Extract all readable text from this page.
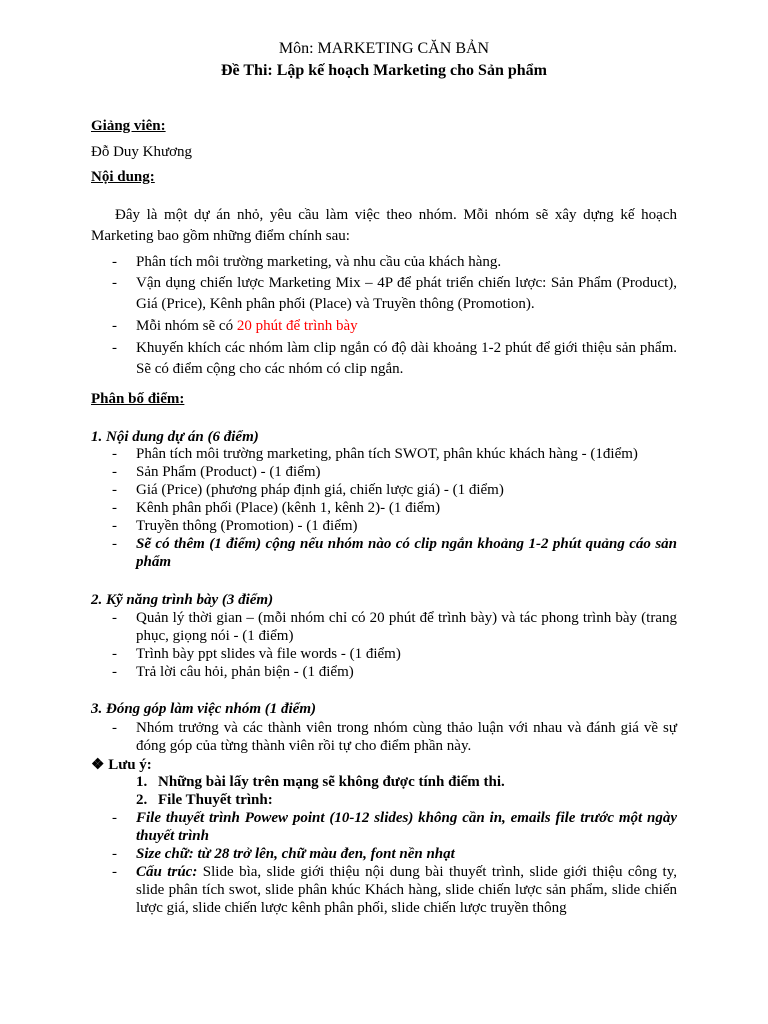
Môn: MARKETING CĂN BẢN
Đề Thi: Lập kế hoạch Marketing cho Sản phẩm
Giảng viên:
Đỗ Duy Khương
Nội dung:
Đây là một dự án nhỏ, yêu cầu làm việc theo nhóm. Mỗi nhóm sẽ xây dựng kế hoạch Marketing bao gồm những điểm chính sau:
-	Phân tích môi trường marketing, và nhu cầu của khách hàng.
-	Vận dụng chiến lược Marketing Mix – 4P để phát triển chiến lược: Sản Phẩm (Product), Giá (Price), Kênh phân phối (Place) và Truyền thông (Promotion).
-	Mỗi nhóm sẽ có 20 phút để trình bày
-	Khuyến khích các nhóm làm clip ngắn có độ dài khoảng 1-2 phút để giới thiệu sản phẩm. Sẽ có điểm cộng cho các nhóm có clip ngắn.
Phân bố điểm:
1. Nội dung dự án (6 điểm)
-	Phân tích môi trường marketing, phân tích SWOT, phân khúc khách hàng - (1điểm)
-	Sản Phẩm (Product) - (1 điểm)
-	Giá (Price) (phương pháp định giá, chiến lược giá) - (1 điểm)
-	Kênh phân phối (Place) (kênh 1, kênh 2)- (1 điểm)
-	Truyền thông (Promotion) - (1 điểm)
-	Sẽ có thêm (1 điểm) cộng nếu nhóm nào có clip ngắn khoảng 1-2 phút quảng cáo sản phẩm
2. Kỹ năng trình bày (3 điểm)
-	Quản lý thời gian – (mỗi nhóm chỉ có 20 phút để trình bày) và tác phong trình bày (trang phục, giọng nói - (1 điểm)
-	Trình bày ppt slides và file words - (1 điểm)
-	Trả lời câu hỏi, phản biện - (1 điểm)
3. Đóng góp làm việc nhóm (1 điểm)
-	Nhóm trưởng và các thành viên trong nhóm cùng thảo luận với nhau và đánh giá về sự đóng góp của từng thành viên rồi tự cho điểm phần này.
❖ Lưu ý:
1. Những bài lấy trên mạng sẽ không được tính điểm thi.
2. File Thuyết trình:
-	File thuyết trình Powew point (10-12 slides) không cần in, emails file trước một ngày thuyết trình
-	Size chữ: từ 28 trở lên, chữ màu đen, font nền nhạt
-	Cấu trúc: Slide bìa, slide giới thiệu nội dung bài thuyết trình, slide giới thiệu công ty, slide phân tích swot, slide phân khúc Khách hàng, slide chiến lược sản phẩm, slide chiến lược giá, slide chiến lược kênh phân phối, slide chiến lược truyền thông
